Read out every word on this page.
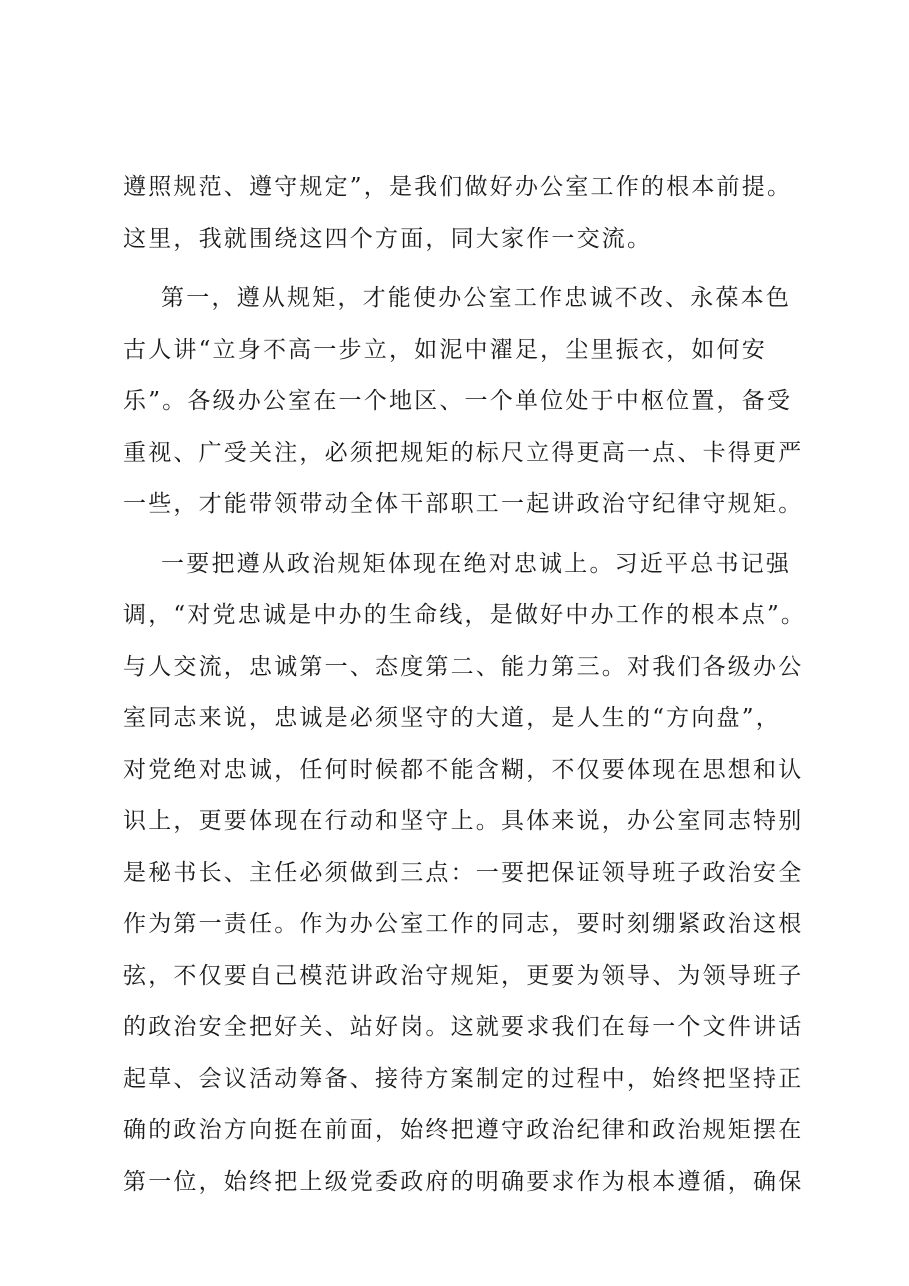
遵照规范、遵守规定”，是我们做好办公室工作的根本前提。
这里，我就围绕这四个方面，同大家作一交流。
第一，遵从规矩，才能使办公室工作忠诚不改、永葆本色
古人讲“立身不高一步立，如泥中濯足，尘里振衣，如何安
乐”。各级办公室在一个地区、一个单位处于中枢位置，备受
重视、广受关注，必须把规矩的标尺立得更高一点、卡得更严
一些，才能带领带动全体干部职工一起讲政治守纪律守规矩。
一要把遵从政治规矩体现在绝对忠诚上。习近平总书记强
调，“对党忠诚是中办的生命线，是做好中办工作的根本点”。
与人交流，忠诚第一、态度第二、能力第三。对我们各级办公
室同志来说，忠诚是必须坚守的大道，是人生的“方向盘”，
对党绝对忠诚，任何时候都不能含糊，不仅要体现在思想和认
识上，更要体现在行动和坚守上。具体来说，办公室同志特别
是秘书长、主任必须做到三点：一要把保证领导班子政治安全
作为第一责任。作为办公室工作的同志，要时刻绷紧政治这根
弦，不仅要自己模范讲政治守规矩，更要为领导、为领导班子
的政治安全把好关、站好岗。这就要求我们在每一个文件讲话
起草、会议活动筹备、接待方案制定的过程中，始终把坚持正
确的政治方向挺在前面，始终把遵守政治纪律和政治规矩摆在
第一位，始终把上级党委政府的明确要求作为根本遵循，确保
